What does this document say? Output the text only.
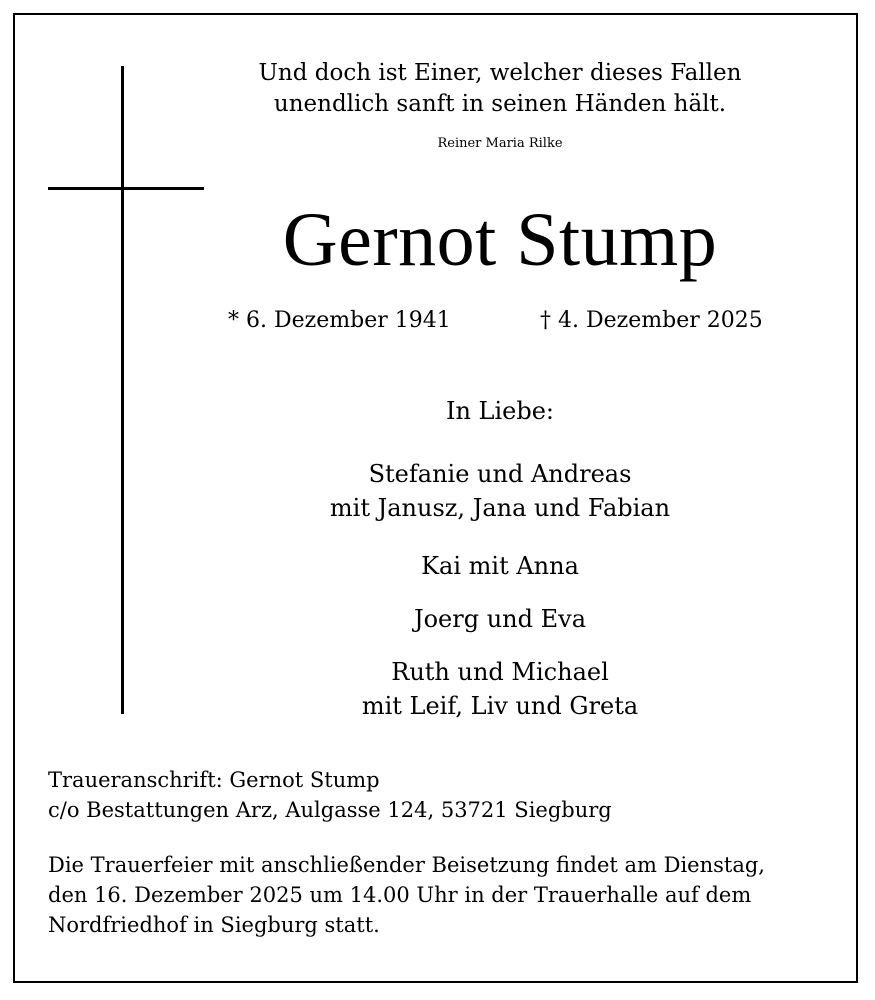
Und doch ist Einer, welcher dieses Fallen
unendlich sanft in seinen Händen hält.
Reiner Maria Rilke
Gernot Stump
* 6. Dezember 1941	† 4. Dezember 2025
In Liebe:
Stefanie und Andreas
mit Janusz, Jana und Fabian
Kai mit Anna
Joerg und Eva
Ruth und Michael
mit Leif, Liv und Greta
Traueranschrift: Gernot Stump
c/o Bestattungen Arz, Aulgasse 124, 53721 Siegburg
Die Trauerfeier mit anschließender Beisetzung findet am Dienstag,
den 16. Dezember 2025 um 14.00 Uhr in der Trauerhalle auf dem
Nordfriedhof in Siegburg statt.
